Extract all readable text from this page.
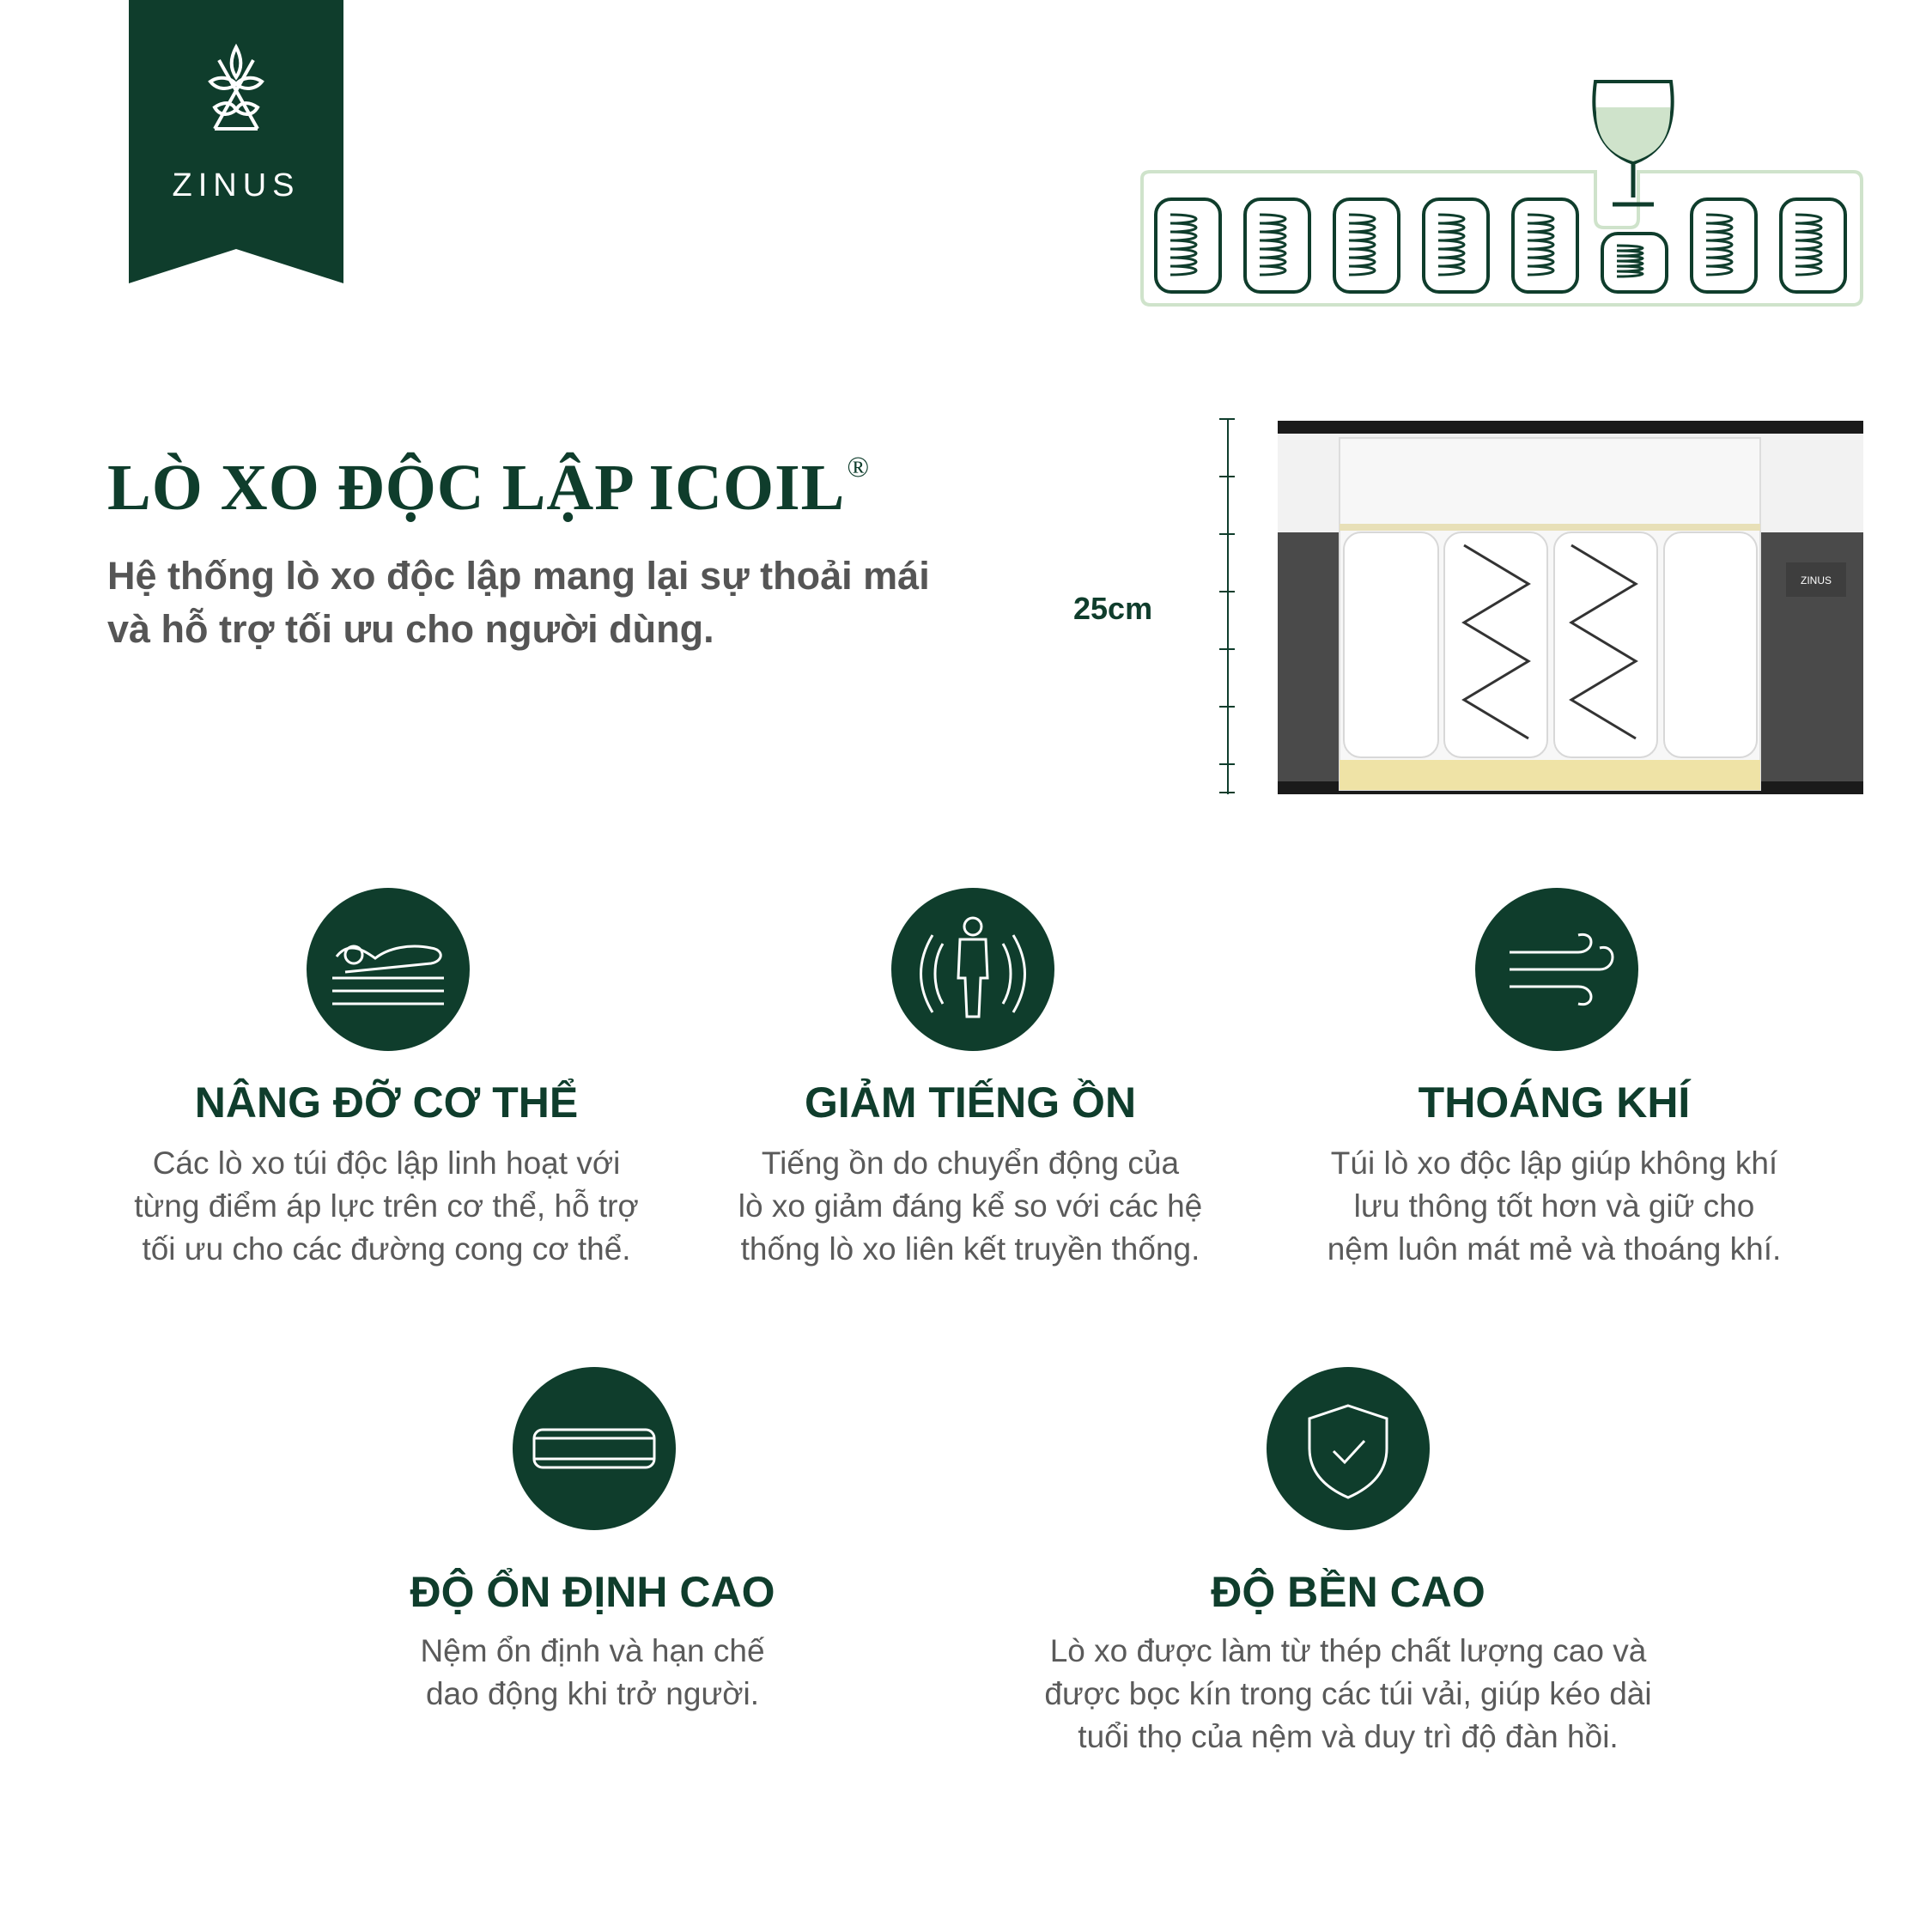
ZINUS
LÒ XO ĐỘC LẬP ICOIL®
Hệ thống lò xo độc lập mang lại sự thoải mái
và hỗ trợ tối ưu cho người dùng.	25cm
ZINUS
NÂNG ĐỠ CƠ THỂ
Các lò xo túi độc lập linh hoạt với
từng điểm áp lực trên cơ thể, hỗ trợ
tối ưu cho các đường cong cơ thể.
GIẢM TIẾNG ỒN
Tiếng ồn do chuyển động của
lò xo giảm đáng kể so với các hệ
thống lò xo liên kết truyền thống.
THOÁNG KHÍ
Túi lò xo độc lập giúp không khí
lưu thông tốt hơn và giữ cho
nệm luôn mát mẻ và thoáng khí.
ĐỘ ỔN ĐỊNH CAO
Nệm ổn định và hạn chế
dao động khi trở người.
ĐỘ BỀN CAO
Lò xo được làm từ thép chất lượng cao và
được bọc kín trong các túi vải, giúp kéo dài
tuổi thọ của nệm và duy trì độ đàn hồi.
